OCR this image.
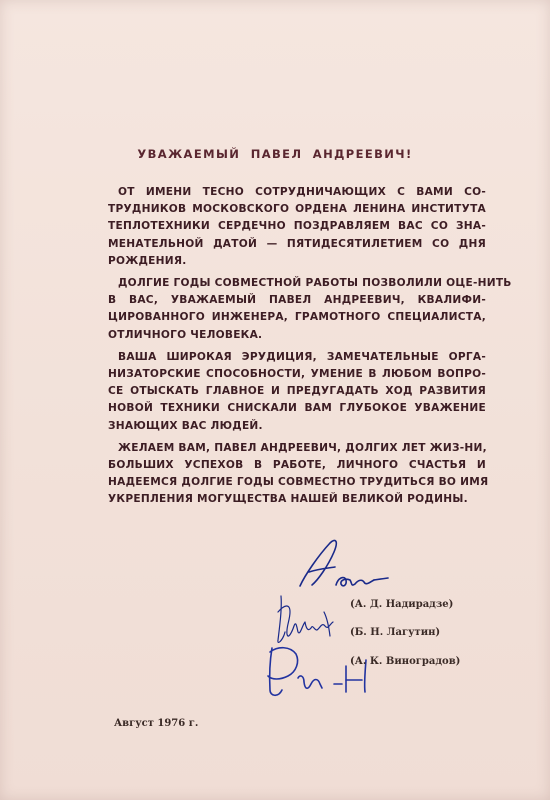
УВАЖАЕМЫЙ ПАВЕЛ АНДРЕЕВИЧ!
ОТ ИМЕНИ ТЕСНО СОТРУДНИЧАЮЩИХ С ВАМИ СО-
ТРУДНИКОВ МОСКОВСКОГО ОРДЕНА ЛЕНИНА ИНСТИТУТА
ТЕПЛОТЕХНИКИ СЕРДЕЧНО ПОЗДРАВЛЯЕМ ВАС СО ЗНА-
МЕНАТЕЛЬНОЙ ДАТОЙ — ПЯТИДЕСЯТИЛЕТИЕМ СО ДНЯ
РОЖДЕНИЯ.
ДОЛГИЕ ГОДЫ СОВМЕСТНОЙ РАБОТЫ ПОЗВОЛИЛИ ОЦЕ-НИТЬ
В ВАС, УВАЖАЕМЫЙ ПАВЕЛ АНДРЕЕВИЧ, КВАЛИФИ-
ЦИРОВАННОГО ИНЖЕНЕРА, ГРАМОТНОГО СПЕЦИАЛИСТА,
ОТЛИЧНОГО ЧЕЛОВЕКА.
ВАША ШИРОКАЯ ЭРУДИЦИЯ, ЗАМЕЧАТЕЛЬНЫЕ ОРГА-
НИЗАТОРСКИЕ СПОСОБНОСТИ, УМЕНИЕ В ЛЮБОМ ВОПРО-
СЕ ОТЫСКАТЬ ГЛАВНОЕ И ПРЕДУГАДАТЬ ХОД РАЗВИТИЯ
НОВОЙ ТЕХНИКИ СНИСКАЛИ ВАМ ГЛУБОКОЕ УВАЖЕНИЕ
ЗНАЮЩИХ ВАС ЛЮДЕЙ.
ЖЕЛАЕМ ВАМ, ПАВЕЛ АНДРЕЕВИЧ, ДОЛГИХ ЛЕТ ЖИЗ-НИ,
БОЛЬШИХ УСПЕХОВ В РАБОТЕ, ЛИЧНОГО СЧАСТЬЯ И
НАДЕЕМСЯ ДОЛГИЕ ГОДЫ СОВМЕСТНО ТРУДИТЬСЯ ВО ИМЯ
УКРЕПЛЕНИЯ МОГУЩЕСТВА НАШЕЙ ВЕЛИКОЙ РОДИНЫ.
(А. Д. Надирадзе)
(Б. Н. Лагутин)
(А. К. Виноградов)
Август 1976 г.
